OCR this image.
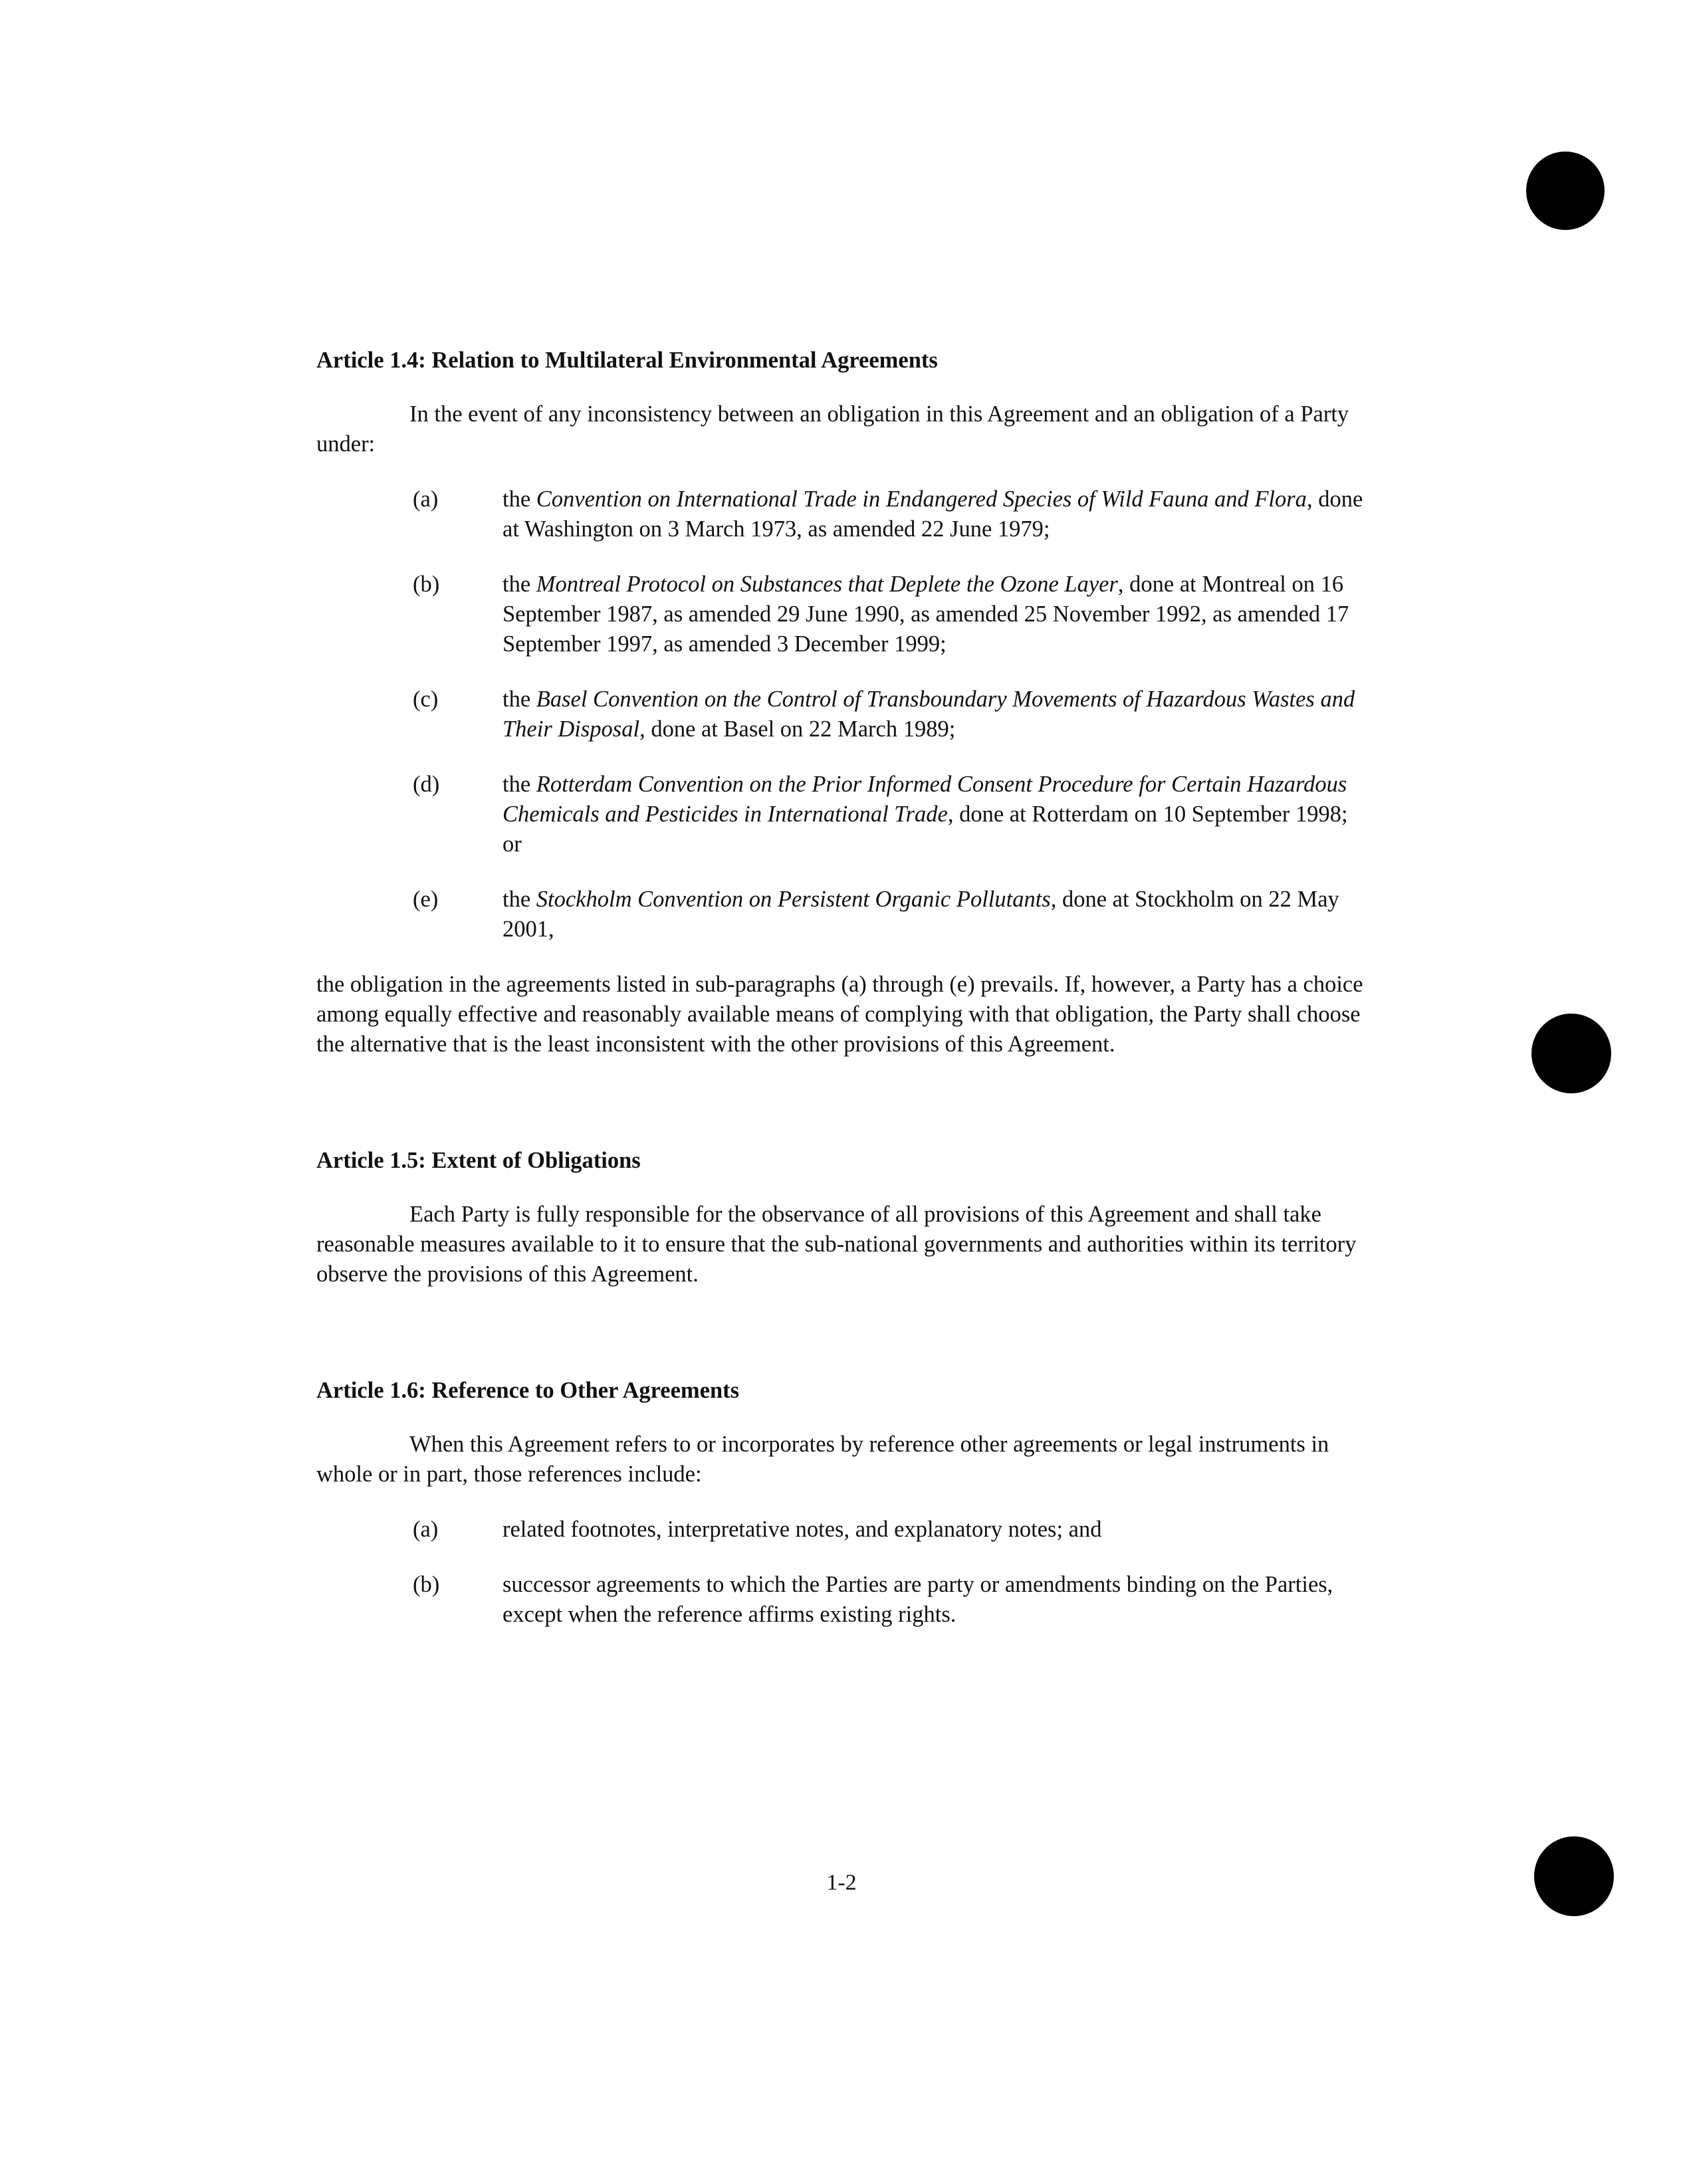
Article 1.4: Relation to Multilateral Environmental Agreements

In the event of any inconsistency between an obligation in this Agreement and an obligation of a Party under:

(a)	the Convention on International Trade in Endangered Species of Wild Fauna and Flora, done at Washington on 3 March 1973, as amended 22 June 1979;
(b)	the Montreal Protocol on Substances that Deplete the Ozone Layer, done at Montreal on 16 September 1987, as amended 29 June 1990, as amended 25 November 1992, as amended 17 September 1997, as amended 3 December 1999;
(c)	the Basel Convention on the Control of Transboundary Movements of Hazardous Wastes and Their Disposal, done at Basel on 22 March 1989;
(d)	the Rotterdam Convention on the Prior Informed Consent Procedure for Certain Hazardous Chemicals and Pesticides in International Trade, done at Rotterdam on 10 September 1998; or
(e)	the Stockholm Convention on Persistent Organic Pollutants, done at Stockholm on 22 May 2001,

the obligation in the agreements listed in sub-paragraphs (a) through (e) prevails. If, however, a Party has a choice among equally effective and reasonably available means of complying with that obligation, the Party shall choose the alternative that is the least inconsistent with the other provisions of this Agreement.

Article 1.5: Extent of Obligations

Each Party is fully responsible for the observance of all provisions of this Agreement and shall take reasonable measures available to it to ensure that the sub-national governments and authorities within its territory observe the provisions of this Agreement.

Article 1.6: Reference to Other Agreements

When this Agreement refers to or incorporates by reference other agreements or legal instruments in whole or in part, those references include:

(a)	related footnotes, interpretative notes, and explanatory notes; and
(b)	successor agreements to which the Parties are party or amendments binding on the Parties, except when the reference affirms existing rights.
1-2
